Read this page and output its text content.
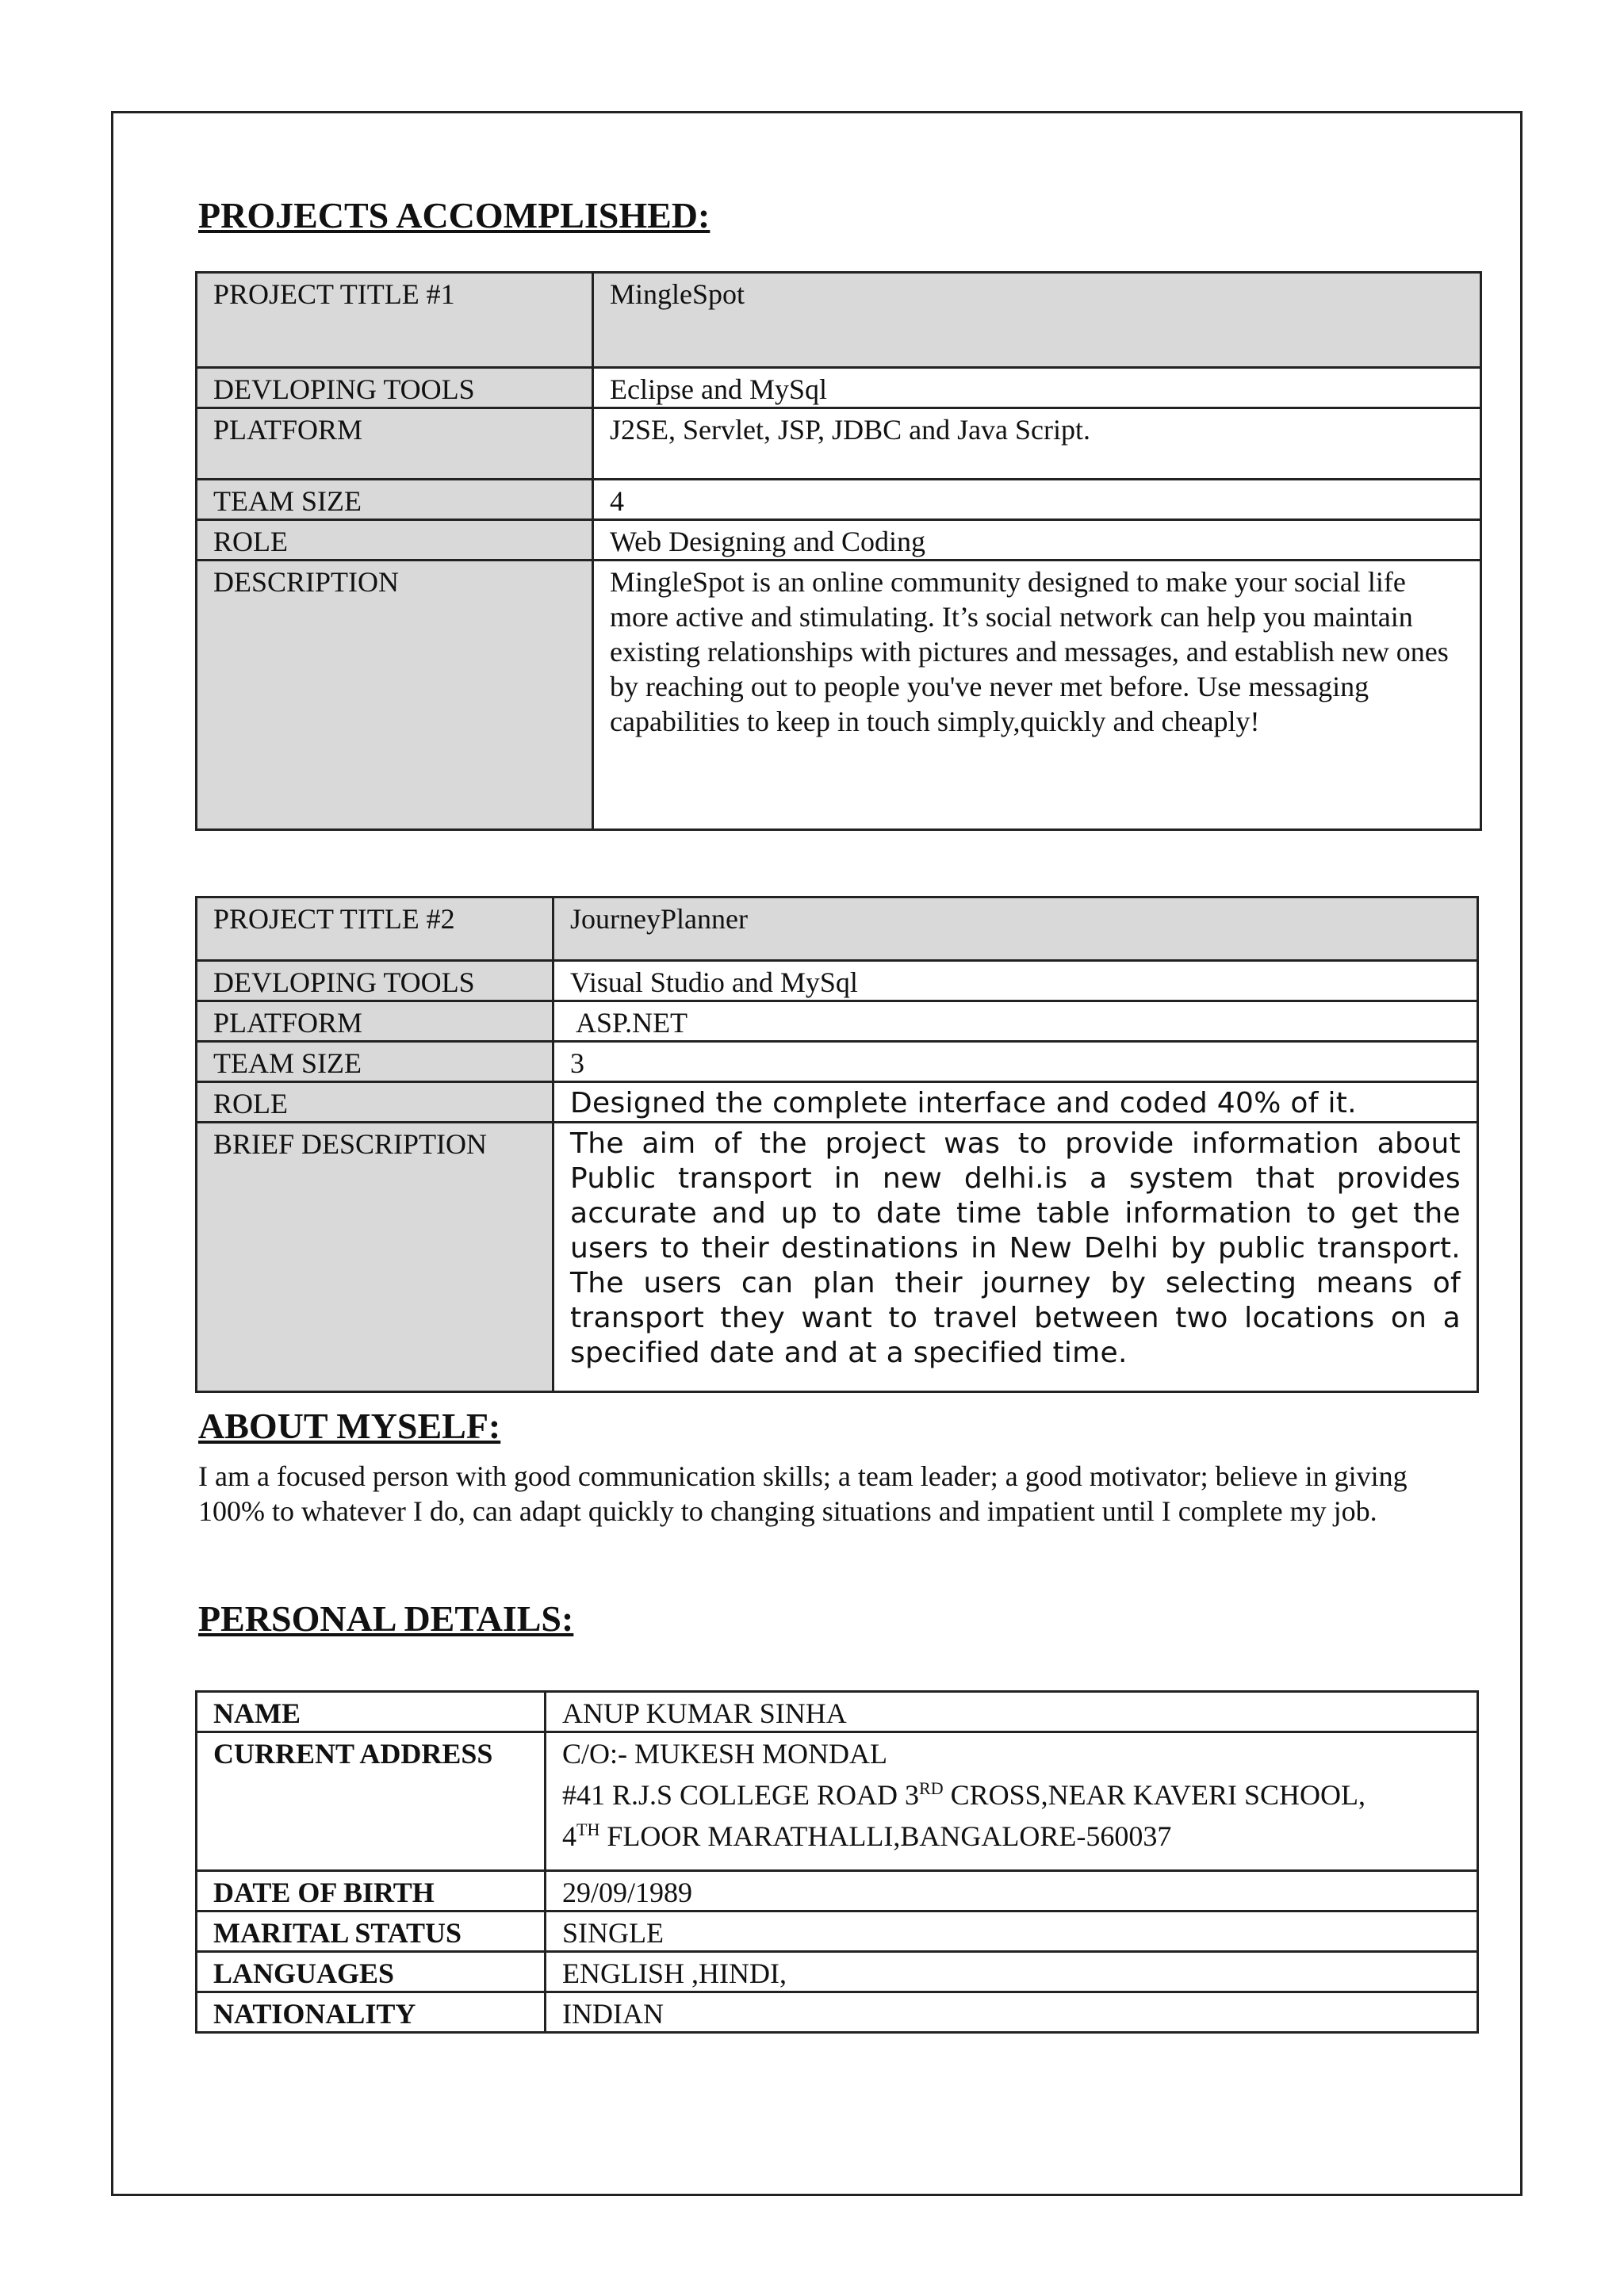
PROJECTS ACCOMPLISHED:
PROJECT TITLE #1	MingleSpot
DEVLOPING TOOLS	Eclipse and MySql
PLATFORM	J2SE, Servlet, JSP, JDBC and Java Script.
TEAM SIZE	4
ROLE	Web Designing and Coding
DESCRIPTION	MingleSpot is an online community designed to make your social life more active and stimulating. It’s social network can help you maintain existing relationships with pictures and messages, and establish new ones by reaching out to people you've never met before. Use messaging capabilities to keep in touch simply,quickly and cheaply!
PROJECT TITLE #2	JourneyPlanner
DEVLOPING TOOLS	Visual Studio and MySql
PLATFORM	ASP.NET
TEAM SIZE	3
ROLE	Designed the complete interface and coded 40% of it.
BRIEF DESCRIPTION	The aim of the project was to provide information about Public transport in new delhi.is a system that provides accurate and up to date time table information to get the users to their destinations in New Delhi by public transport. The users can plan their journey by selecting means of transport they want to travel between two locations on a specified date and at a specified time.
ABOUT MYSELF:

I am a focused person with good communication skills; a team leader; a good motivator; believe in giving 100% to whatever I do, can adapt quickly to changing situations and impatient until I complete my job.

PERSONAL DETAILS:
NAME	ANUP KUMAR SINHA
CURRENT ADDRESS	C/O:- MUKESH MONDAL
#41 R.J.S COLLEGE ROAD 3RD CROSS,NEAR KAVERI SCHOOL,
4TH FLOOR MARATHALLI,BANGALORE-560037

DATE OF BIRTH	29/09/1989
MARITAL STATUS	SINGLE
LANGUAGES	ENGLISH ,HINDI,
NATIONALITY	INDIAN
